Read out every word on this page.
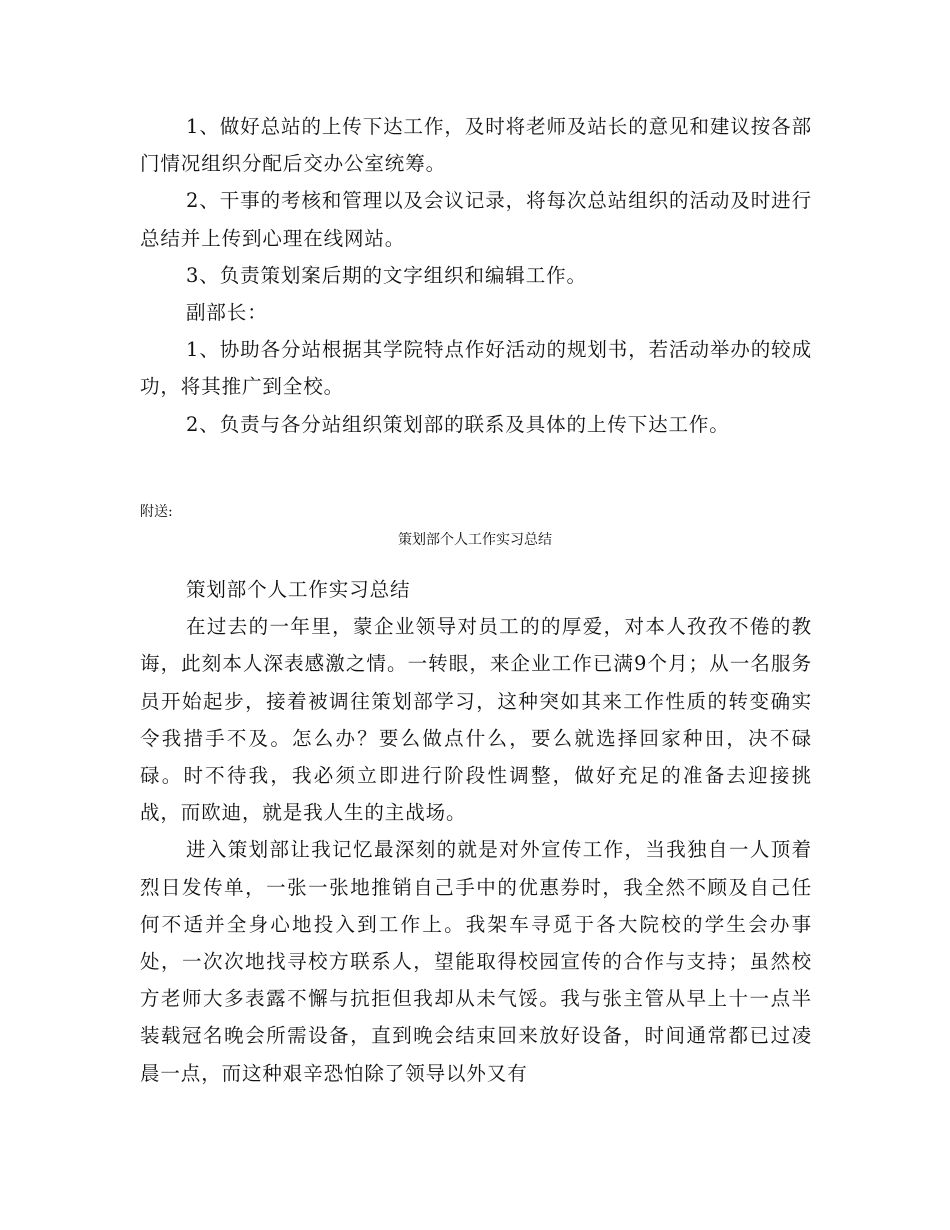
1、做好总站的上传下达工作，及时将老师及站长的意见和建议按各部门情况组织分配后交办公室统筹。

2、干事的考核和管理以及会议记录，将每次总站组织的活动及时进行总结并上传到心理在线网站。

3、负责策划案后期的文字组织和编辑工作。

副部长：

1、协助各分站根据其学院特点作好活动的规划书，若活动举办的较成功，将其推广到全校。

2、负责与各分站组织策划部的联系及具体的上传下达工作。

附送:
策划部个人工作实习总结

策划部个人工作实习总结

在过去的一年里，蒙企业领导对员工的的厚爱，对本人孜孜不倦的教诲，此刻本人深表感激之情。一转眼，来企业工作已满9个月；从一名服务员开始起步，接着被调往策划部学习，这种突如其来工作性质的转变确实令我措手不及。怎么办？要么做点什么，要么就选择回家种田，决不碌碌。时不待我，我必须立即进行阶段性调整，做好充足的准备去迎接挑战，而欧迪，就是我人生的主战场。

进入策划部让我记忆最深刻的就是对外宣传工作，当我独自一人顶着烈日发传单，一张一张地推销自己手中的优惠券时，我全然不顾及自己任何不适并全身心地投入到工作上。我架车寻觅于各大院校的学生会办事处，一次次地找寻校方联系人，望能取得校园宣传的合作与支持；虽然校方老师大多表露不懈与抗拒但我却从未气馁。我与张主管从早上十一点半装载冠名晚会所需设备，直到晚会结束回来放好设备，时间通常都已过凌晨一点，而这种艰辛恐怕除了领导以外又有
